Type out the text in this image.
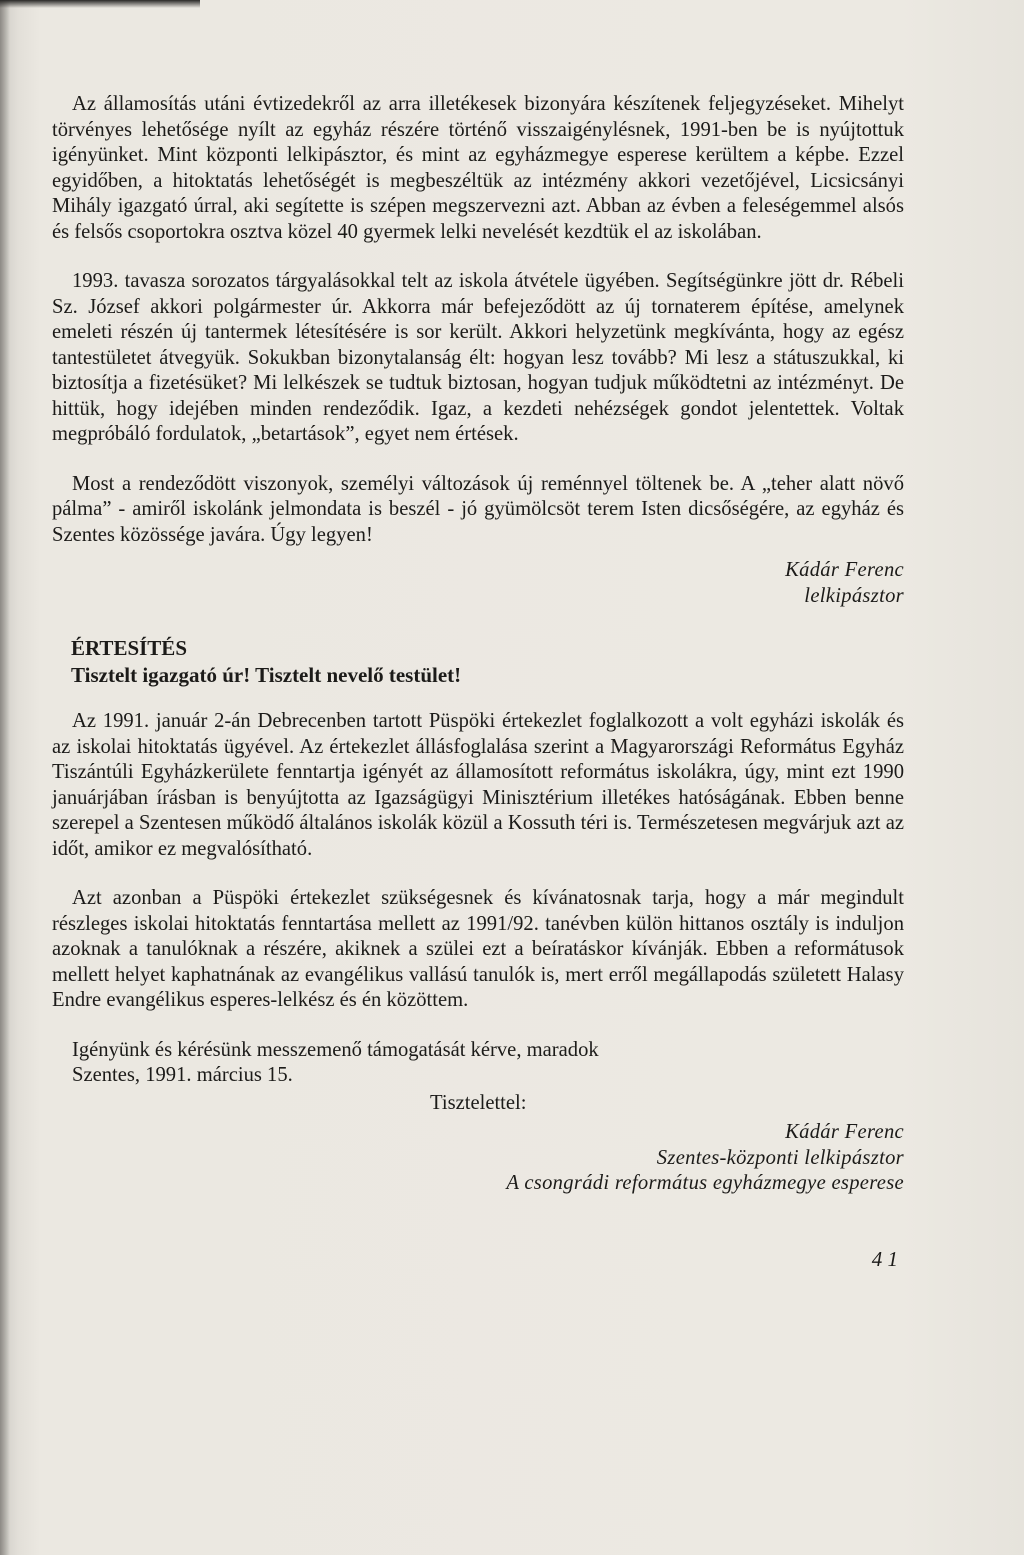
Az államosítás utáni évtizedekről az arra illetékesek bizonyára készítenek feljegyzéseket. Mihelyt törvényes lehetősége nyílt az egyház részére történő visszaigénylésnek, 1991-ben be is nyújtottuk igényünket. Mint központi lelkipásztor, és mint az egyházmegye esperese kerültem a képbe. Ezzel egyidőben, a hitoktatás lehetőségét is megbeszéltük az intézmény akkori vezetőjével, Licsicsányi Mihály igazgató úrral, aki segítette is szépen megszervezni azt. Abban az évben a feleségemmel alsós és felsős csoportokra osztva közel 40 gyermek lelki nevelését kezdtük el az iskolában.

1993. tavasza sorozatos tárgyalásokkal telt az iskola átvétele ügyében. Segítségünkre jött dr. Rébeli Sz. József akkori polgármester úr. Akkorra már befejeződött az új tornaterem építése, amelynek emeleti részén új tantermek létesítésére is sor került. Akkori helyzetünk megkívánta, hogy az egész tantestületet átvegyük. Sokukban bizonytalanság élt: hogyan lesz tovább? Mi lesz a státuszukkal, ki biztosítja a fizetésüket? Mi lelkészek se tudtuk biztosan, hogyan tudjuk működtetni az intézményt. De hittük, hogy idejében minden rendeződik. Igaz, a kezdeti nehézségek gondot jelentettek. Voltak megpróbáló fordulatok, „betartások”, egyet nem értések.

Most a rendeződött viszonyok, személyi változások új reménnyel töltenek be. A „teher alatt növő pálma” - amiről iskolánk jelmondata is beszél - jó gyümölcsöt terem Isten dicsőségére, az egyház és Szentes közössége javára. Úgy legyen!

Kádár Ferenc
lelkipásztor
ÉRTESÍTÉS
Tisztelt igazgató úr! Tisztelt nevelő testület!

Az 1991. január 2-án Debrecenben tartott Püspöki értekezlet foglalkozott a volt egyházi iskolák és az iskolai hitoktatás ügyével. Az értekezlet állásfoglalása szerint a Magyarországi Református Egyház Tiszántúli Egyházkerülete fenntartja igényét az államosított református iskolákra, úgy, mint ezt 1990 januárjában írásban is benyújtotta az Igazságügyi Minisztérium illetékes hatóságának. Ebben benne szerepel a Szentesen működő általános iskolák közül a Kossuth téri is. Természetesen megvárjuk azt az időt, amikor ez megvalósítható.

Azt azonban a Püspöki értekezlet szükségesnek és kívánatosnak tarja, hogy a már megindult részleges iskolai hitoktatás fenntartása mellett az 1991/92. tanévben külön hittanos osztály is induljon azoknak a tanulóknak a részére, akiknek a szülei ezt a beíratáskor kívánják. Ebben a reformátusok mellett helyet kaphatnának az evangélikus vallású tanulók is, mert erről megállapodás született Halasy Endre evangélikus esperes-lelkész és én közöttem.

Igényünk és kérésünk messzemenő támogatását kérve, maradok
Szentes, 1991. március 15.
Tisztelettel:
Kádár Ferenc
Szentes-központi lelkipásztor
A csongrádi református egyházmegye esperese
4 1
